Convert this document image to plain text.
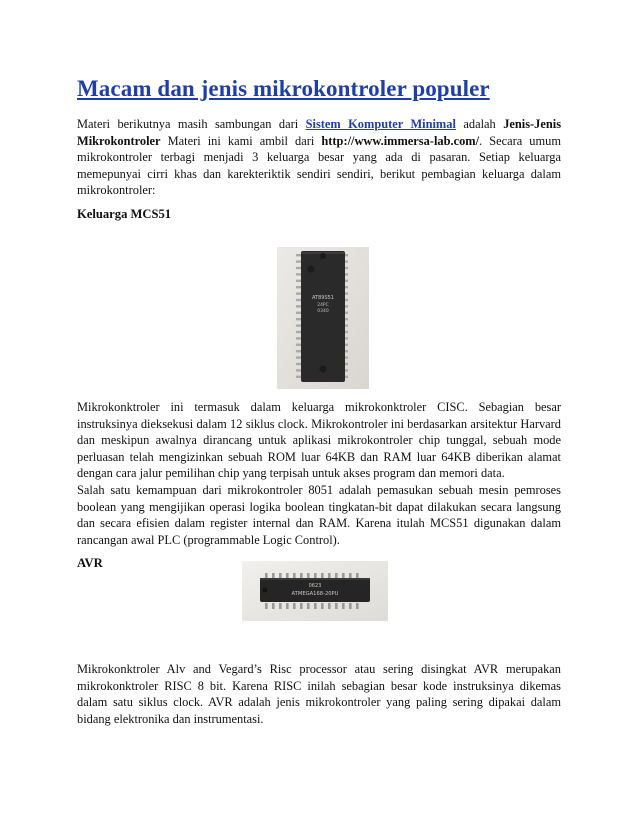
Macam dan jenis mikrokontroler populer
Materi berikutnya masih sambungan dari Sistem Komputer Minimal adalah Jenis-Jenis
Mikrokontroler Materi ini kami ambil dari http://www.immersa-lab.com/. Secara umum
mikrokontroler terbagi menjadi 3 keluarga besar yang ada di pasaran. Setiap keluarga
memepunyai cirri khas dan karekteriktik sendiri sendiri, berikut pembagian keluarga dalam
mikrokontroler:

Keluarga MCS51

AT89S51
24PC
0340
Mikrokonktroler ini termasuk dalam keluarga mikrokonktroler CISC. Sebagian besar
instruksinya dieksekusi dalam 12 siklus clock. Mikrokontroler ini berdasarkan arsitektur Harvard
dan meskipun awalnya dirancang untuk aplikasi mikrokontroler chip tunggal, sebuah mode
perluasan telah mengizinkan sebuah ROM luar 64KB dan RAM luar 64KB diberikan alamat
dengan cara jalur pemilihan chip yang terpisah untuk akses program dan memori data.
Salah satu kemampuan dari mikrokontroler 8051 adalah pemasukan sebuah mesin pemroses
boolean yang mengijikan operasi logika boolean tingkatan-bit dapat dilakukan secara langsung
dan secara efisien dalam register internal dan RAM. Karena itulah MCS51 digunakan dalam
rancangan awal PLC (programmable Logic Control).

AVR

0623
ATMEGA168-20PU
Mikrokonktroler Alv and Vegard’s Risc processor atau sering disingkat AVR merupakan
mikrokonktroler RISC 8 bit. Karena RISC inilah sebagian besar kode instruksinya dikemas
dalam satu siklus clock. AVR adalah jenis mikrokontroler yang paling sering dipakai dalam
bidang elektronika dan instrumentasi.
